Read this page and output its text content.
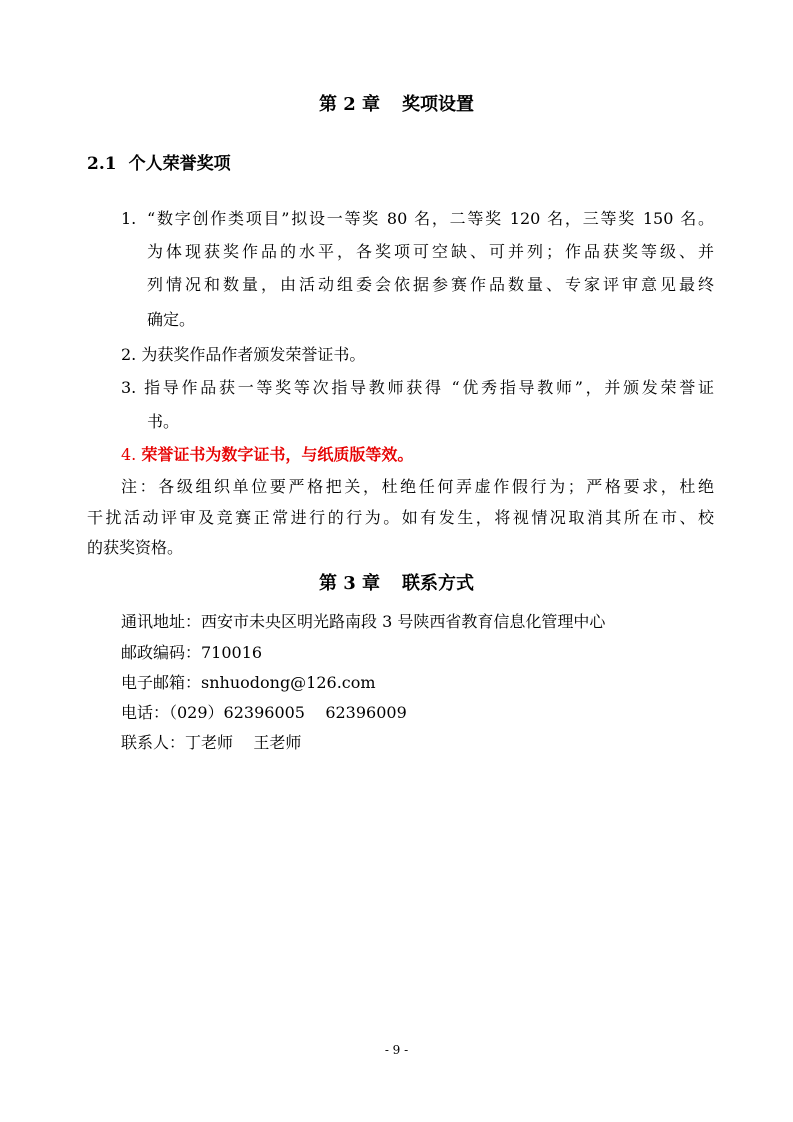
第 2 章 奖项设置
2.1 个人荣誉奖项
1. “数字创作类项目”拟设一等奖 80 名，二等奖 120 名，三等奖 150 名。
为体现获奖作品的水平，各奖项可空缺、可并列；作品获奖等级、并
列情况和数量，由活动组委会依据参赛作品数量、专家评审意见最终
确定。
2. 为获奖作品作者颁发荣誉证书。
3. 指导作品获一等奖等次指导教师获得 “优秀指导教师”，并颁发荣誉证
书。
4. 荣誉证书为数字证书，与纸质版等效。
注：各级组织单位要严格把关，杜绝任何弄虚作假行为；严格要求，杜绝
干扰活动评审及竞赛正常进行的行为。如有发生，将视情况取消其所在市、校
的获奖资格。
第 3 章 联系方式
通讯地址：西安市未央区明光路南段 3 号陕西省教育信息化管理中心
邮政编码：710016
电子邮箱：snhuodong@126.com
电话：（029）62396005    62396009
联系人：丁老师    王老师
- 9 -
